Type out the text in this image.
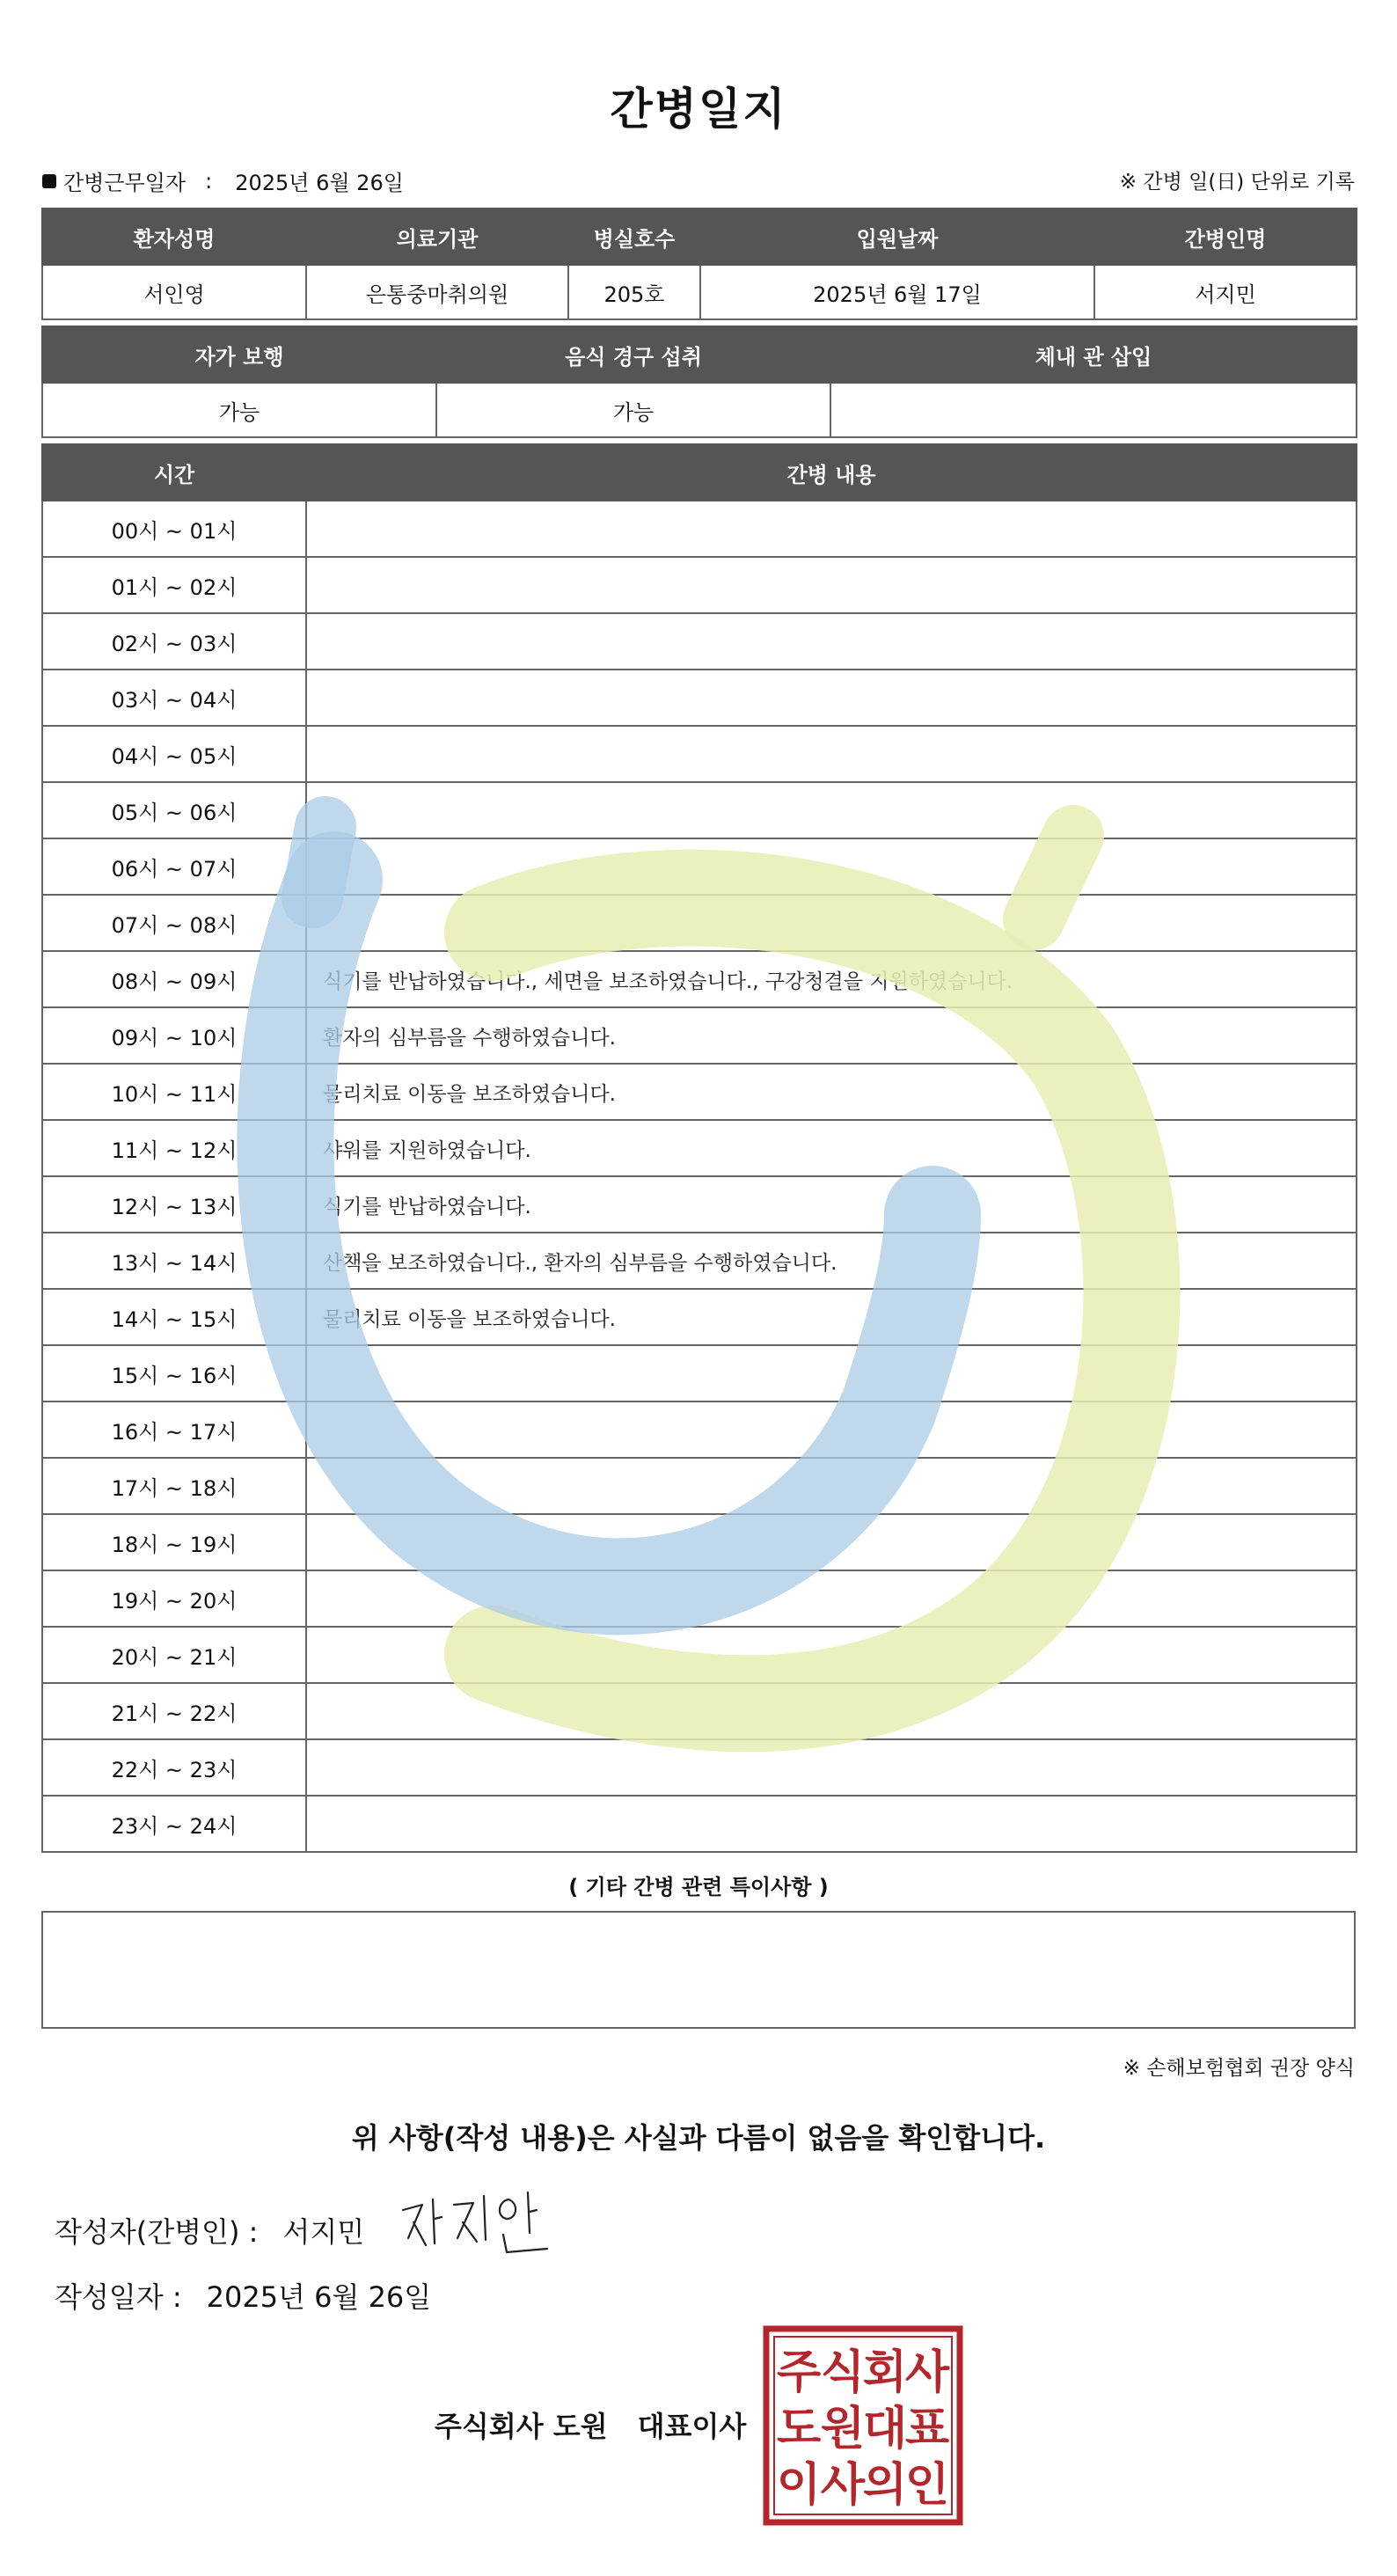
간병일지
간병근무일자 : 2025년 6월 26일	※ 간병 일(日) 단위로 기록
환자성명	의료기관	병실호수	입원날짜	간병인명
서인영	은통중마취의원	205호	2025년 6월 17일	서지민
자가 보행	음식 경구 섭취	체내 관 삽입
가능	가능	
시간	간병 내용
00시 ~ 01시	
01시 ~ 02시	
02시 ~ 03시	
03시 ~ 04시	
04시 ~ 05시	
05시 ~ 06시	
06시 ~ 07시	
07시 ~ 08시	
08시 ~ 09시	식기를 반납하였습니다., 세면을 보조하였습니다., 구강청결을 지원하였습니다.
09시 ~ 10시	환자의 심부름을 수행하였습니다.
10시 ~ 11시	물리치료 이동을 보조하였습니다.
11시 ~ 12시	샤워를 지원하였습니다.
12시 ~ 13시	식기를 반납하였습니다.
13시 ~ 14시	산책을 보조하였습니다., 환자의 심부름을 수행하였습니다.
14시 ~ 15시	물리치료 이동을 보조하였습니다.
15시 ~ 16시	
16시 ~ 17시	
17시 ~ 18시	
18시 ~ 19시	
19시 ~ 20시	
20시 ~ 21시	
21시 ~ 22시	
22시 ~ 23시	
23시 ~ 24시	
( 기타 간병 관련 특이사항 )
※ 손해보험협회 권장 양식
위 사항(작성 내용)은 사실과 다름이 없음을 확인합니다.
작성자(간병인) : 서지민
작성일자 : 2025년 6월 26일
주식회사 도원 대표이사
주 식
회
사
도 원
대
표
이 사
의
인
